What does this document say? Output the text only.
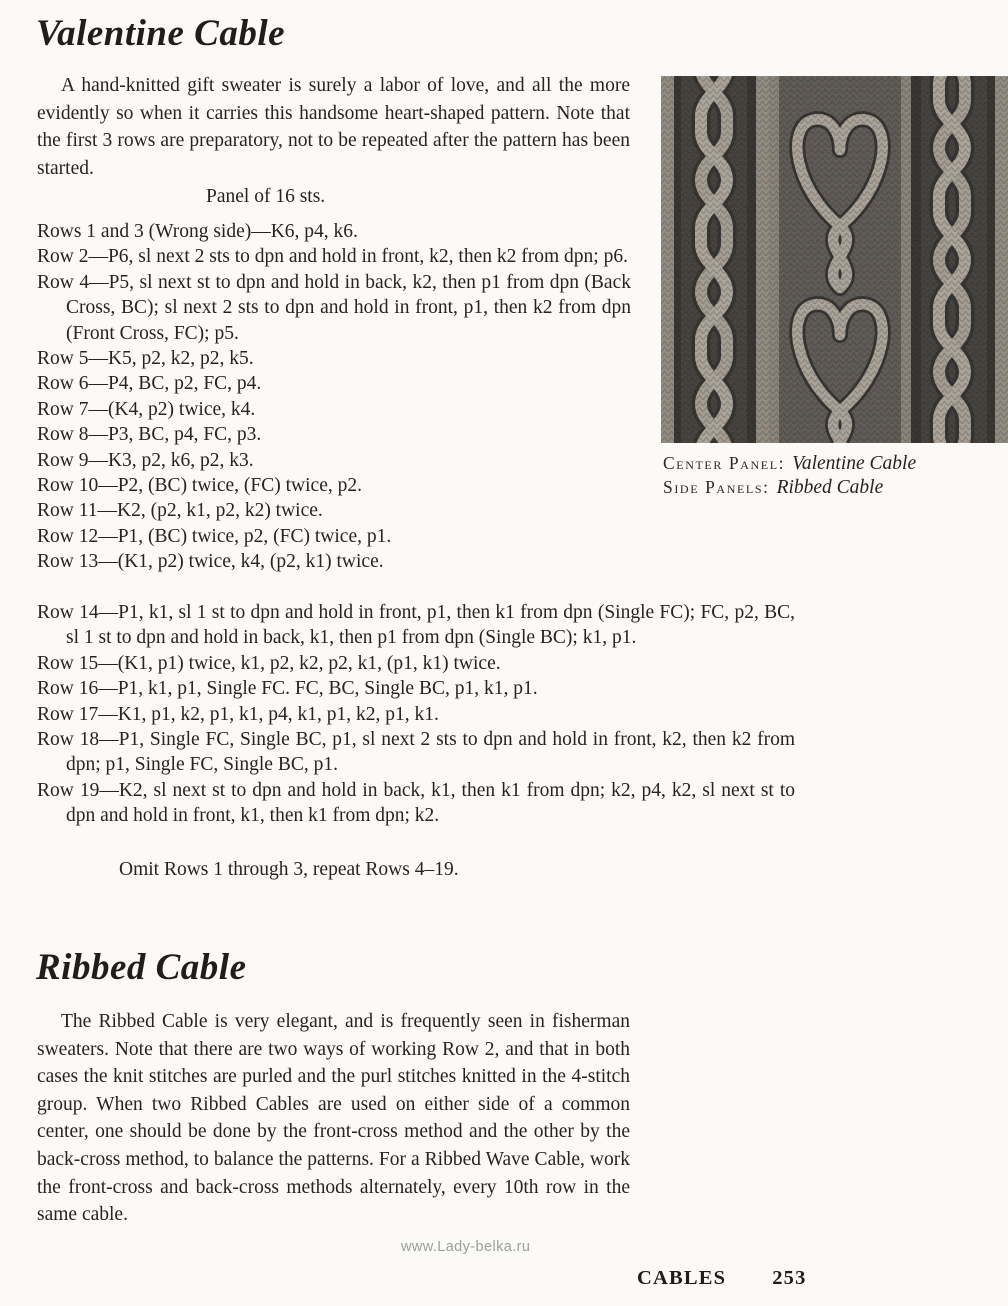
Valentine Cable

A hand-knitted gift sweater is surely a labor of love, and all the more evidently so when it carries this handsome heart-shaped pattern. Note that the first 3 rows are preparatory, not to be repeated after the pattern has been started.

Panel of 16 sts.

Rows 1 and 3 (Wrong side)—K6, p4, k6.

Row 2—P6, sl next 2 sts to dpn and hold in front, k2, then k2 from dpn; p6.

Row 4—P5, sl next st to dpn and hold in back, k2, then p1 from dpn (Back Cross, BC); sl next 2 sts to dpn and hold in front, p1, then k2 from dpn (Front Cross, FC); p5.

Row 5—K5, p2, k2, p2, k5.

Row 6—P4, BC, p2, FC, p4.

Row 7—(K4, p2) twice, k4.

Row 8—P3, BC, p4, FC, p3.

Row 9—K3, p2, k6, p2, k3.

Row 10—P2, (BC) twice, (FC) twice, p2.

Row 11—K2, (p2, k1, p2, k2) twice.

Row 12—P1, (BC) twice, p2, (FC) twice, p1.

Row 13—(K1, p2) twice, k4, (p2, k1) twice.

Row 14—P1, k1, sl 1 st to dpn and hold in front, p1, then k1 from dpn (Single FC); FC, p2, BC, sl 1 st to dpn and hold in back, k1, then p1 from dpn (Single BC); k1, p1.

Row 15—(K1, p1) twice, k1, p2, k2, p2, k1, (p1, k1) twice.

Row 16—P1, k1, p1, Single FC. FC, BC, Single BC, p1, k1, p1.

Row 17—K1, p1, k2, p1, k1, p4, k1, p1, k2, p1, k1.

Row 18—P1, Single FC, Single BC, p1, sl next 2 sts to dpn and hold in front, k2, then k2 from dpn; p1, Single FC, Single BC, p1.

Row 19—K2, sl next st to dpn and hold in back, k1, then k1 from dpn; k2, p4, k2, sl next st to dpn and hold in front, k1, then k1 from dpn; k2.

Omit Rows 1 through 3, repeat Rows 4–19.

Center Panel: Valentine Cable
Side Panels: Ribbed Cable
Ribbed Cable

The Ribbed Cable is very elegant, and is frequently seen in fisherman sweaters. Note that there are two ways of working Row 2, and that in both cases the knit stitches are purled and the purl stitches knitted in the 4-stitch group. When two Ribbed Cables are used on either side of a common center, one should be done by the front-cross method and the other by the back-cross method, to balance the patterns. For a Ribbed Wave Cable, work the front-cross and back-cross methods alternately, every 10th row in the same cable.

www.Lady-belka.ru
CABLES 253
